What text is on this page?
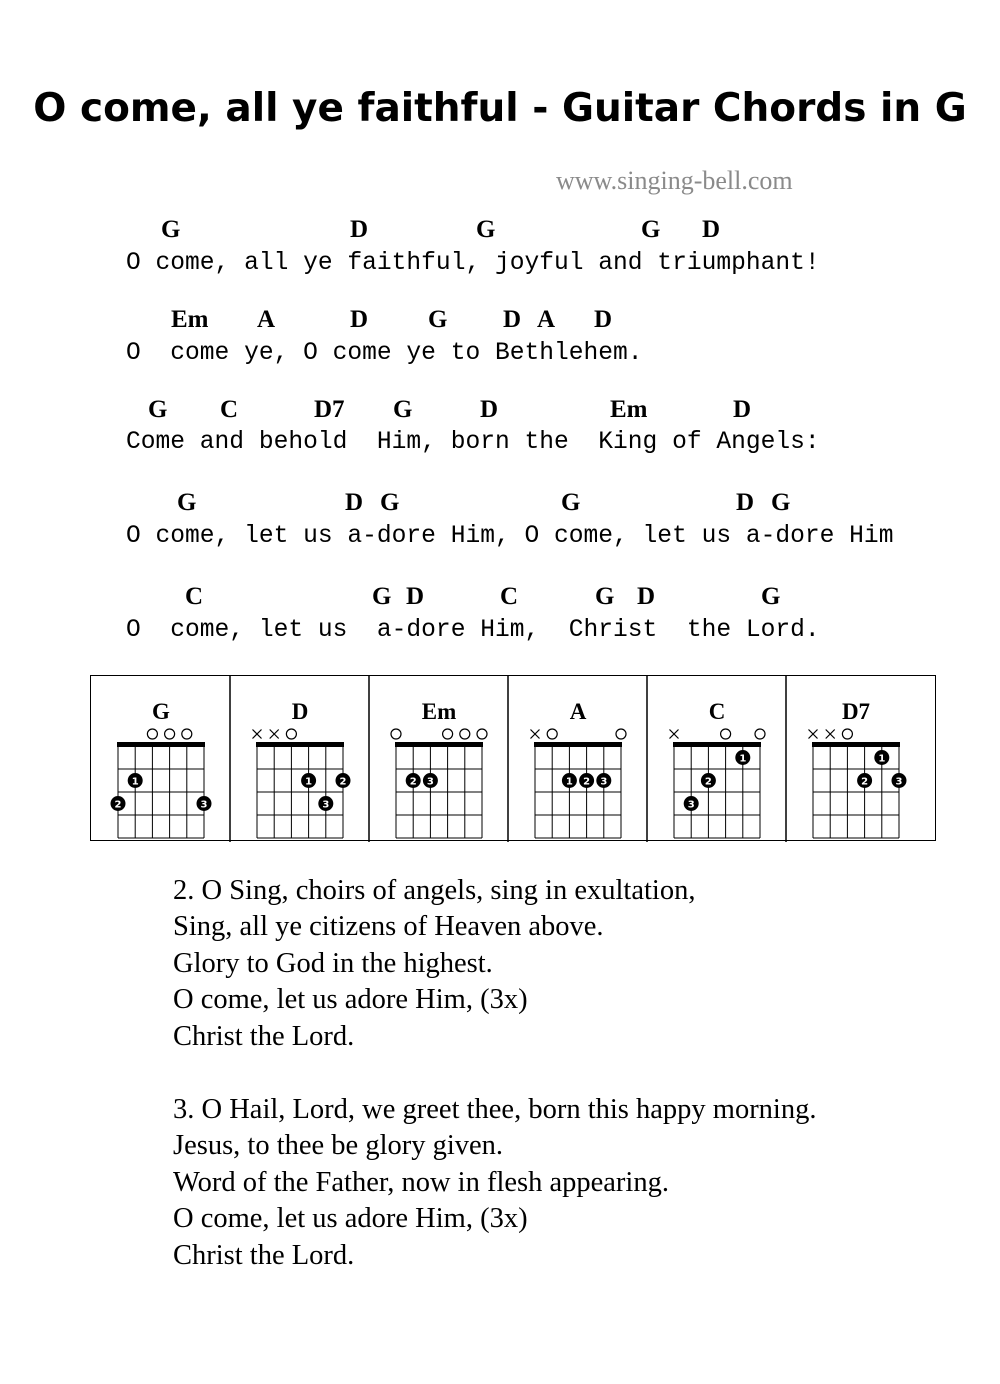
O come, all ye faithful - Guitar Chords in G
www.singing-bell.com
G	D	G	G D
O come, all ye faithful, joyful and triumphant!
Em A	D G D A D
O  come ye, O come ye to Bethlehem.
G C	D7 G	D	Em	D
Come and behold  Him, born the  King of Angels:
G	D G	G	D G
O come, let us a-dore Him, O come, let us a-dore Him
C	G D	C	G D	G
O  come, let us  a-dore Him,  Christ  the Lord.
G
1
2	3
D
1	2
3
Em
2 3
A
1 2 3
C
1
2
3
D7
1
2	3
2. O Sing, choirs of angels, sing in exultation,
Sing, all ye citizens of Heaven above.
Glory to God in the highest.
O come, let us adore Him, (3x)
Christ the Lord.
3. O Hail, Lord, we greet thee, born this happy morning.
Jesus, to thee be glory given.
Word of the Father, now in flesh appearing.
O come, let us adore Him, (3x)
Christ the Lord.
